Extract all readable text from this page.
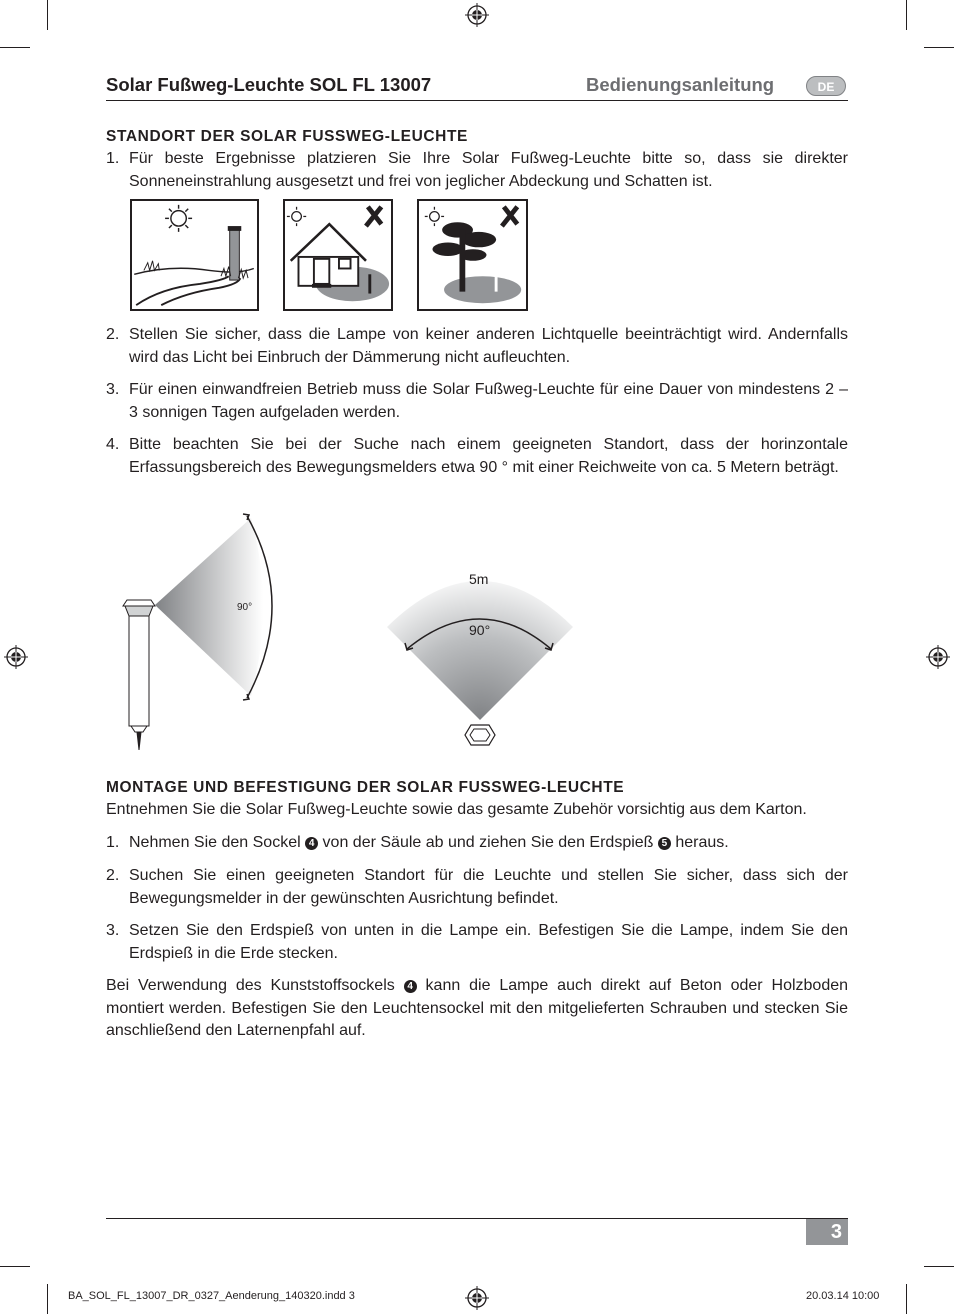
Solar Fußweg-Leuchte SOL FL 13007	Bedienungsanleitung	DE
STANDORT DER SOLAR FUSSWEG-LEUCHTE
1. Für beste Ergebnisse platzieren Sie Ihre Solar Fußweg-Leuchte bitte so, dass sie direkter Sonneneinstrahlung ausgesetzt und frei von jeglicher Abdeckung und Schatten ist.
2. Stellen Sie sicher, dass die Lampe von keiner anderen Lichtquelle beeinträchtigt wird. Andernfalls wird das Licht bei Einbruch der Dämmerung nicht aufleuchten.
3. Für einen einwandfreien Betrieb muss die Solar Fußweg-Leuchte für eine Dauer von mindestens 2 – 3 sonnigen Tagen aufgeladen werden.
4. Bitte beachten Sie bei der Suche nach einem geeigneten Standort, dass der horinzontale Erfassungsbereich des Bewegungsmelders etwa 90 ° mit einer Reichweite von ca. 5 Metern beträgt.
90°
5m
90°
MONTAGE UND BEFESTIGUNG DER SOLAR FUSSWEG-LEUCHTE
Entnehmen Sie die Solar Fußweg-Leuchte sowie das gesamte Zubehör vorsichtig aus dem Karton.
1. Nehmen Sie den Sockel 4 von der Säule ab und ziehen Sie den Erdspieß 5 heraus.
2. Suchen Sie einen geeigneten Standort für die Leuchte und stellen Sie sicher, dass sich der Bewegungsmelder in der gewünschten Ausrichtung befindet.
3. Setzen Sie den Erdspieß von unten in die Lampe ein. Befestigen Sie die Lampe, indem Sie den Erdspieß in die Erde stecken.
Bei Verwendung des Kunststoffsockels 4 kann die Lampe auch direkt auf Beton oder Holzboden montiert werden. Befestigen Sie den Leuchtensockel mit den mitgelieferten Schrauben und stecken Sie anschließend den Laternenpfahl auf.
3
BA_SOL_FL_13007_DR_0327_Aenderung_140320.indd 3	20.03.14 10:00
